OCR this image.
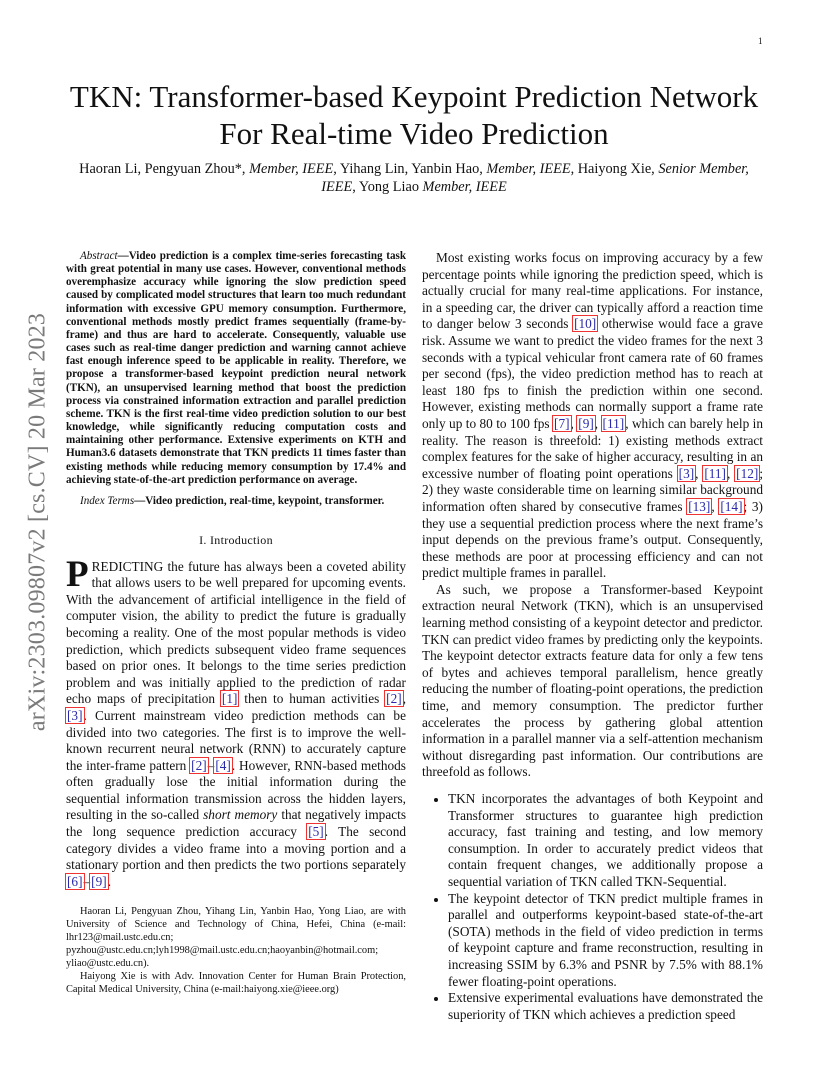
1
arXiv:2303.09807v2 [cs.CV] 20 Mar 2023
TKN: Transformer-based Keypoint Prediction Network For Real-time Video Prediction
Haoran Li, Pengyuan Zhou*, Member, IEEE, Yihang Lin, Yanbin Hao, Member, IEEE, Haiyong Xie, Senior Member, IEEE, Yong Liao Member, IEEE

Abstract—Video prediction is a complex time-series forecasting task with great potential in many use cases. However, conventional methods overemphasize accuracy while ignoring the slow prediction speed caused by complicated model structures that learn too much redundant information with excessive GPU memory consumption. Furthermore, conventional methods mostly predict frames sequentially (frame-by-frame) and thus are hard to accelerate. Consequently, valuable use cases such as real-time danger prediction and warning cannot achieve fast enough inference speed to be applicable in reality. Therefore, we propose a transformer-based keypoint prediction neural network (TKN), an unsupervised learning method that boost the prediction process via constrained information extraction and parallel prediction scheme. TKN is the first real-time video prediction solution to our best knowledge, while significantly reducing computation costs and maintaining other performance. Extensive experiments on KTH and Human3.6 datasets demonstrate that TKN predicts 11 times faster than existing methods while reducing memory consumption by 17.4% and achieving state-of-the-art prediction performance on average.

Index Terms—Video prediction, real-time, keypoint, transformer.

I. Introduction

PREDICTING the future has always been a coveted ability that allows users to be well prepared for upcoming events. With the advancement of artificial intelligence in the field of computer vision, the ability to predict the future is gradually becoming a reality. One of the most popular methods is video prediction, which predicts subsequent video frame sequences based on prior ones. It belongs to the time series prediction problem and was initially applied to the prediction of radar echo maps of precipitation [1] then to human activities [2], [3]. Current mainstream video prediction methods can be divided into two categories. The first is to improve the well-known recurrent neural network (RNN) to accurately capture the inter-frame pattern [2]–[4]. However, RNN-based methods often gradually lose the initial information during the sequential information transmission across the hidden layers, resulting in the so-called short memory that negatively impacts the long sequence prediction accuracy [5]. The second category divides a video frame into a moving portion and a stationary portion and then predicts the two portions separately [6]–[9].

Haoran Li, Pengyuan Zhou, Yihang Lin, Yanbin Hao, Yong Liao, are with University of Science and Technology of China, Hefei, China (e-mail: lhr123@mail.ustc.edu.cn; pyzhou@ustc.edu.cn;lyh1998@mail.ustc.edu.cn;haoyanbin@hotmail.com; yliao@ustc.edu.cn).

Haiyong Xie is with Adv. Innovation Center for Human Brain Protection, Capital Medical University, China (e-mail:haiyong.xie@ieee.org)

Most existing works focus on improving accuracy by a few percentage points while ignoring the prediction speed, which is actually crucial for many real-time applications. For instance, in a speeding car, the driver can typically afford a reaction time to danger below 3 seconds [10] otherwise would face a grave risk. Assume we want to predict the video frames for the next 3 seconds with a typical vehicular front camera rate of 60 frames per second (fps), the video prediction method has to reach at least 180 fps to finish the prediction within one second. However, existing methods can normally support a frame rate only up to 80 to 100 fps [7], [9], [11], which can barely help in reality. The reason is threefold: 1) existing methods extract complex features for the sake of higher accuracy, resulting in an excessive number of floating point operations [3], [11], [12]; 2) they waste considerable time on learning similar background information often shared by consecutive frames [13], [14]; 3) they use a sequential prediction process where the next frame’s input depends on the previous frame’s output. Consequently, these methods are poor at processing efficiency and can not predict multiple frames in parallel.

As such, we propose a Transformer-based Keypoint extraction neural Network (TKN), which is an unsupervised learning method consisting of a keypoint detector and predictor. TKN can predict video frames by predicting only the keypoints. The keypoint detector extracts feature data for only a few tens of bytes and achieves temporal parallelism, hence greatly reducing the number of floating-point operations, the prediction time, and memory consumption. The predictor further accelerates the process by gathering global attention information in a parallel manner via a self-attention mechanism without disregarding past information. Our contributions are threefold as follows.

• TKN incorporates the advantages of both Keypoint and Transformer structures to guarantee high prediction accuracy, fast training and testing, and low memory consumption. In order to accurately predict videos that contain frequent changes, we additionally propose a sequential variation of TKN called TKN-Sequential.
• The keypoint detector of TKN predict multiple frames in parallel and outperforms keypoint-based state-of-the-art (SOTA) methods in the field of video prediction in terms of keypoint capture and frame reconstruction, resulting in increasing SSIM by 6.3% and PSNR by 7.5% with 88.1% fewer floating-point operations.
• Extensive experimental evaluations have demonstrated the superiority of TKN which achieves a prediction speed
